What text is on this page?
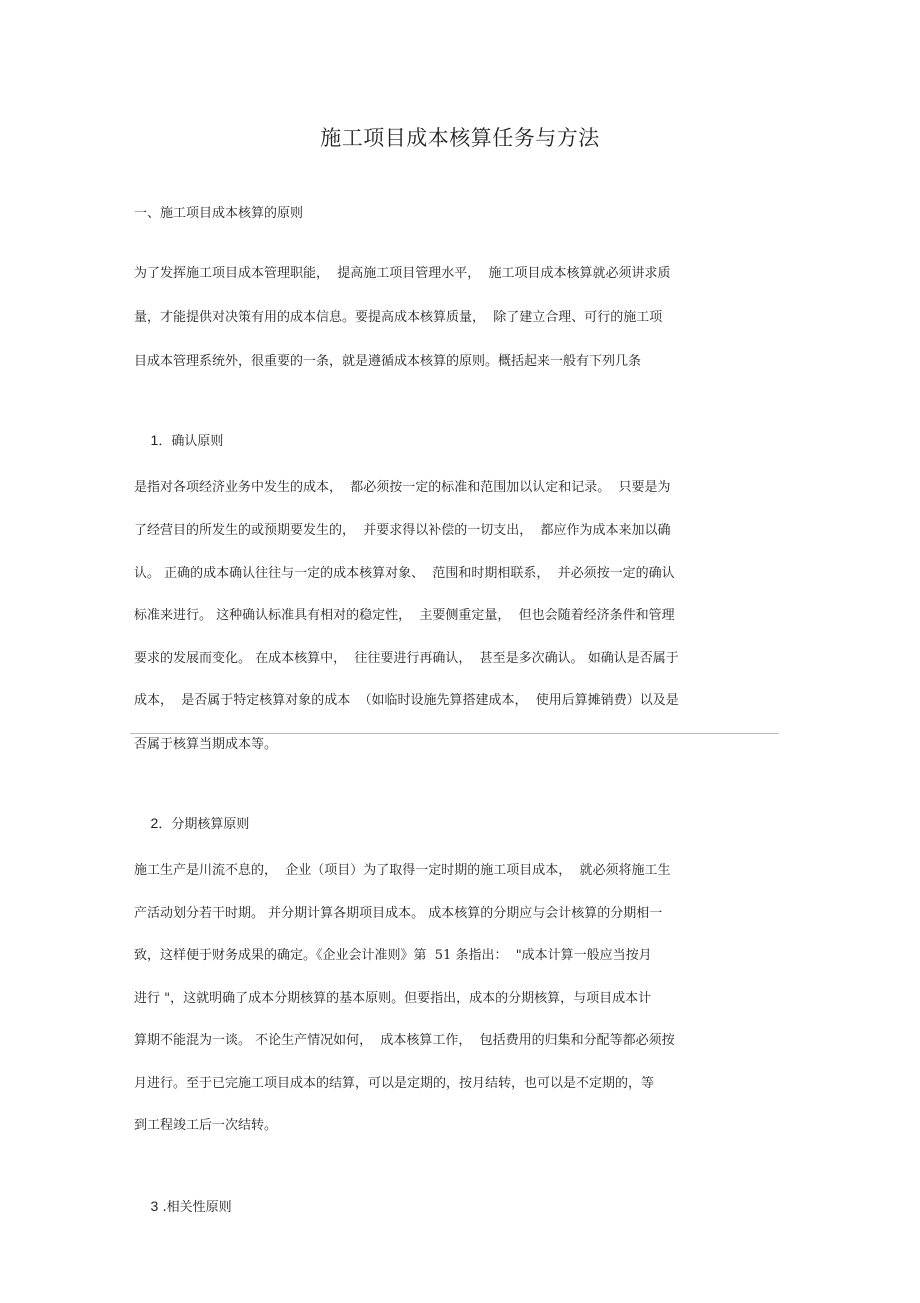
施工项目成本核算任务与方法
一、施工项目成本核算的原则
为了发挥施工项目成本管理职能，  提高施工项目管理水平，  施工项目成本核算就必须讲求质
量，才能提供对决策有用的成本信息。要提高成本核算质量，  除了建立合理、可行的施工项
目成本管理系统外，很重要的一条，就是遵循成本核算的原则。概括起来一般有下列几条

1．确认原则

是指对各项经济业务中发生的成本，  都必须按一定的标准和范围加以认定和记录。  只要是为
了经营目的所发生的或预期要发生的，  并要求得以补偿的一切支出，  都应作为成本来加以确
认。 正确的成本确认往往与一定的成本核算对象、  范围和时期相联系，  并必须按一定的确认
标准来进行。 这种确认标准具有相对的稳定性，  主要侧重定量，  但也会随着经济条件和管理
要求的发展而变化。 在成本核算中，  往往要进行再确认，  甚至是多次确认。 如确认是否属于
成本，  是否属于特定核算对象的成本  （如临时设施先算搭建成本，  使用后算摊销费）以及是
否属于核算当期成本等。

2．分期核算原则

施工生产是川流不息的，  企业（项目）为了取得一定时期的施工项目成本，  就必须将施工生
产活动划分若干时期。 并分期计算各期项目成本。 成本核算的分期应与会计核算的分期相一
致，这样便于财务成果的确定。《企业会计准则》第  51 条指出：  "成本计算一般应当按月
进行 "，这就明确了成本分期核算的基本原则。但要指出，成本的分期核算，与项目成本计
算期不能混为一谈。 不论生产情况如何，  成本核算工作，  包括费用的归集和分配等都必须按
月进行。至于已完施工项目成本的结算，可以是定期的，按月结转，也可以是不定期的，等
到工程竣工后一次结转。

3 .相关性原则
